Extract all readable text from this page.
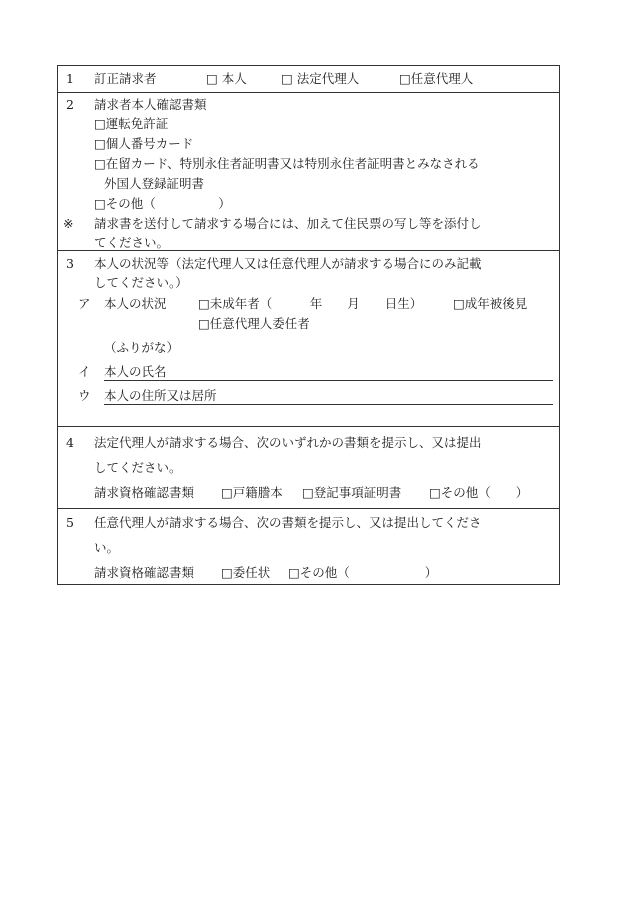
1 訂正請求者	□ 本人	□ 法定代理人	□任意代理人
2 請求者本人確認書類
□運転免許証
□個人番号カード
□在留カード、特別永住者証明書又は特別永住者証明書とみなされる
外国人登録証明書
□その他（　　　　　）
※ 請求書を送付して請求する場合には、加えて住民票の写し等を添付し
てください。
3 本人の状況等（法定代理人又は任意代理人が請求する場合にのみ記載
してください。）
ア 本人の状況	□未成年者（　　　年　　月　　日生） □成年被後見
□任意代理人委任者
（ふりがな）
イ 本人の氏名
ウ 本人の住所又は居所
4 法定代理人が請求する場合、次のいずれかの書類を提示し、又は提出
してください。
請求資格確認書類 □戸籍謄本 □登記事項証明書 □その他（　　）
5 任意代理人が請求する場合、次の書類を提示し、又は提出してくださ
い。
請求資格確認書類 □委任状 □その他（　　　　　　）
